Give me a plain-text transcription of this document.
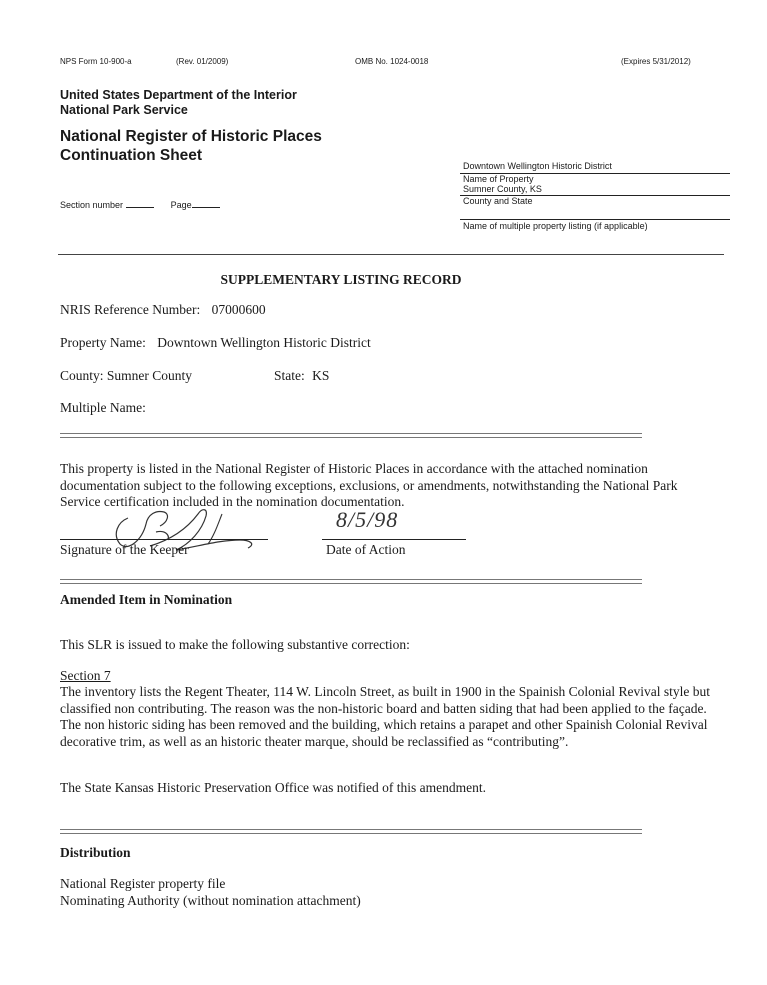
NPS Form 10-900-a	(Rev. 01/2009)	OMB No. 1024-0018	(Expires 5/31/2012)
United States Department of the Interior
National Park Service
National Register of Historic Places
Continuation Sheet
Downtown Wellington Historic District
Name of Property
Sumner County, KS
County and State
Name of multiple property listing (if applicable)
Section number	Page
SUPPLEMENTARY LISTING RECORD
NRIS Reference Number: 07000600
Property Name: Downtown Wellington Historic District
County: Sumner County	State: KS
Multiple Name:
This property is listed in the National Register of Historic Places in accordance with the attached nomination documentation subject to the following exceptions, exclusions, or amendments, notwithstanding the National Park Service certification included in the nomination documentation.
8/5/98
Signature of the Keeper	Date of Action
Amended Item in Nomination
This SLR is issued to make the following substantive correction:
Section 7
The inventory lists the Regent Theater, 114 W. Lincoln Street, as built in 1900 in the Spainish Colonial Revival style but classified non contributing. The reason was the non-historic board and batten siding that had been applied to the façade. The non historic siding has been removed and the building, which retains a parapet and other Spainish Colonial Revival decorative trim, as well as an historic theater marque, should be reclassified as “contributing”.
The State Kansas Historic Preservation Office was notified of this amendment.
Distribution
National Register property file
Nominating Authority (without nomination attachment)
